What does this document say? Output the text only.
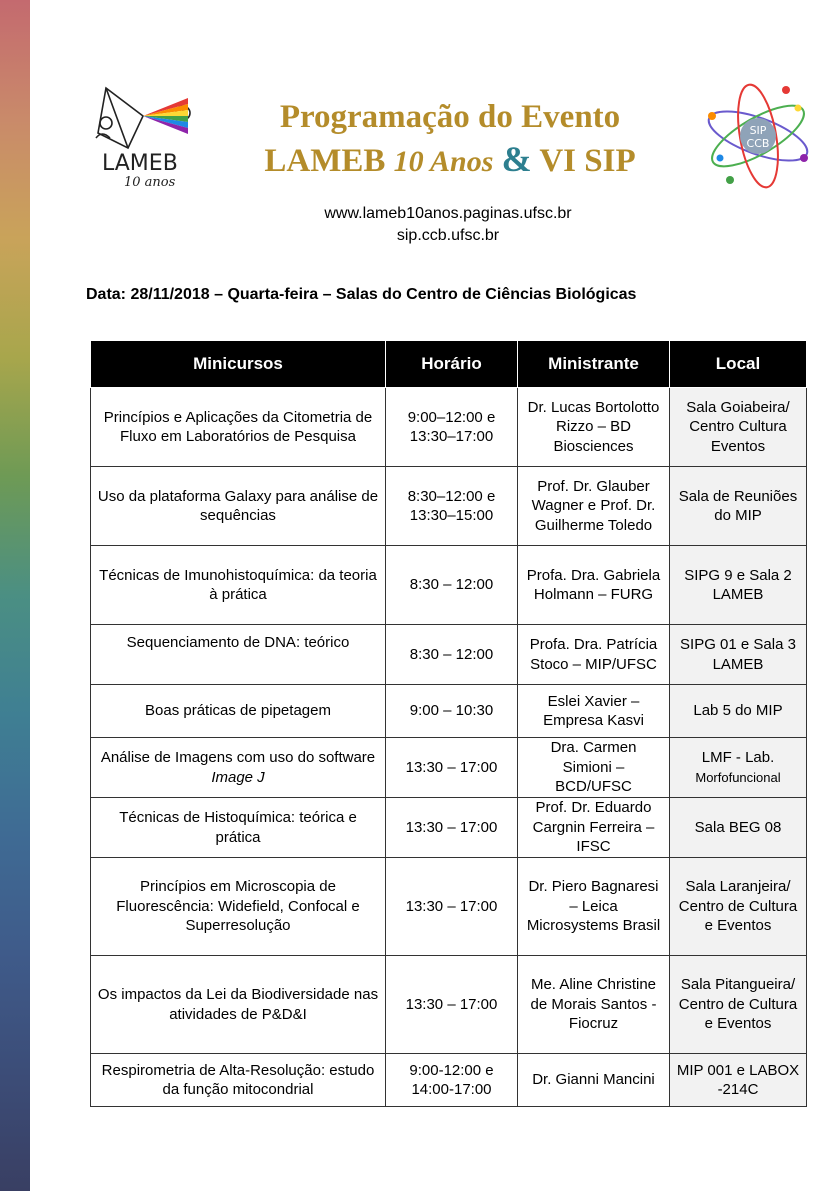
LAMEB
10 anos
SIP
CCB
Programação do Evento
LAMEB 10 Anos & VI SIP
www.lameb10anos.paginas.ufsc.br
sip.ccb.ufsc.br
Data: 28/11/2018 – Quarta-feira – Salas do Centro de Ciências Biológicas
Minicursos	Horário	Ministrante	Local
Princípios e Aplicações da Citometria de Fluxo em Laboratórios de Pesquisa	9:00–12:00 e 13:30–17:00	Dr. Lucas Bortolotto Rizzo – BD Biosciences	Sala Goiabeira/ Centro Cultura Eventos
Uso da plataforma Galaxy para análise de sequências	8:30–12:00 e 13:30–15:00	Prof. Dr. Glauber Wagner e Prof. Dr. Guilherme Toledo	Sala de Reuniões do MIP
Técnicas de Imunohistoquímica: da teoria à prática	8:30 – 12:00	Profa. Dra. Gabriela Holmann – FURG	SIPG 9 e Sala 2 LAMEB
Sequenciamento de DNA: teórico	8:30 – 12:00	Profa. Dra. Patrícia Stoco – MIP/UFSC	SIPG 01 e Sala 3 LAMEB
Boas práticas de pipetagem	9:00 – 10:30	Eslei Xavier – Empresa Kasvi	Lab 5 do MIP
Análise de Imagens com uso do software Image J	13:30 – 17:00	Dra. Carmen Simioni – BCD/UFSC	LMF - Lab.
Morfofuncional

Técnicas de Histoquímica: teórica e prática	13:30 – 17:00	Prof. Dr. Eduardo Cargnin Ferreira – IFSC	Sala BEG 08
Princípios em Microscopia de Fluorescência: Widefield, Confocal e Superresolução	13:30 – 17:00	Dr. Piero Bagnaresi – Leica Microsystems Brasil	Sala Laranjeira/ Centro de Cultura e Eventos
Os impactos da Lei da Biodiversidade nas atividades de P&D&I	13:30 – 17:00	Me. Aline Christine de Morais Santos - Fiocruz	Sala Pitangueira/ Centro de Cultura e Eventos
Respirometria de Alta-Resolução: estudo da função mitocondrial	9:00-12:00 e 14:00-17:00	Dr. Gianni Mancini	MIP 001 e LABOX -214C
